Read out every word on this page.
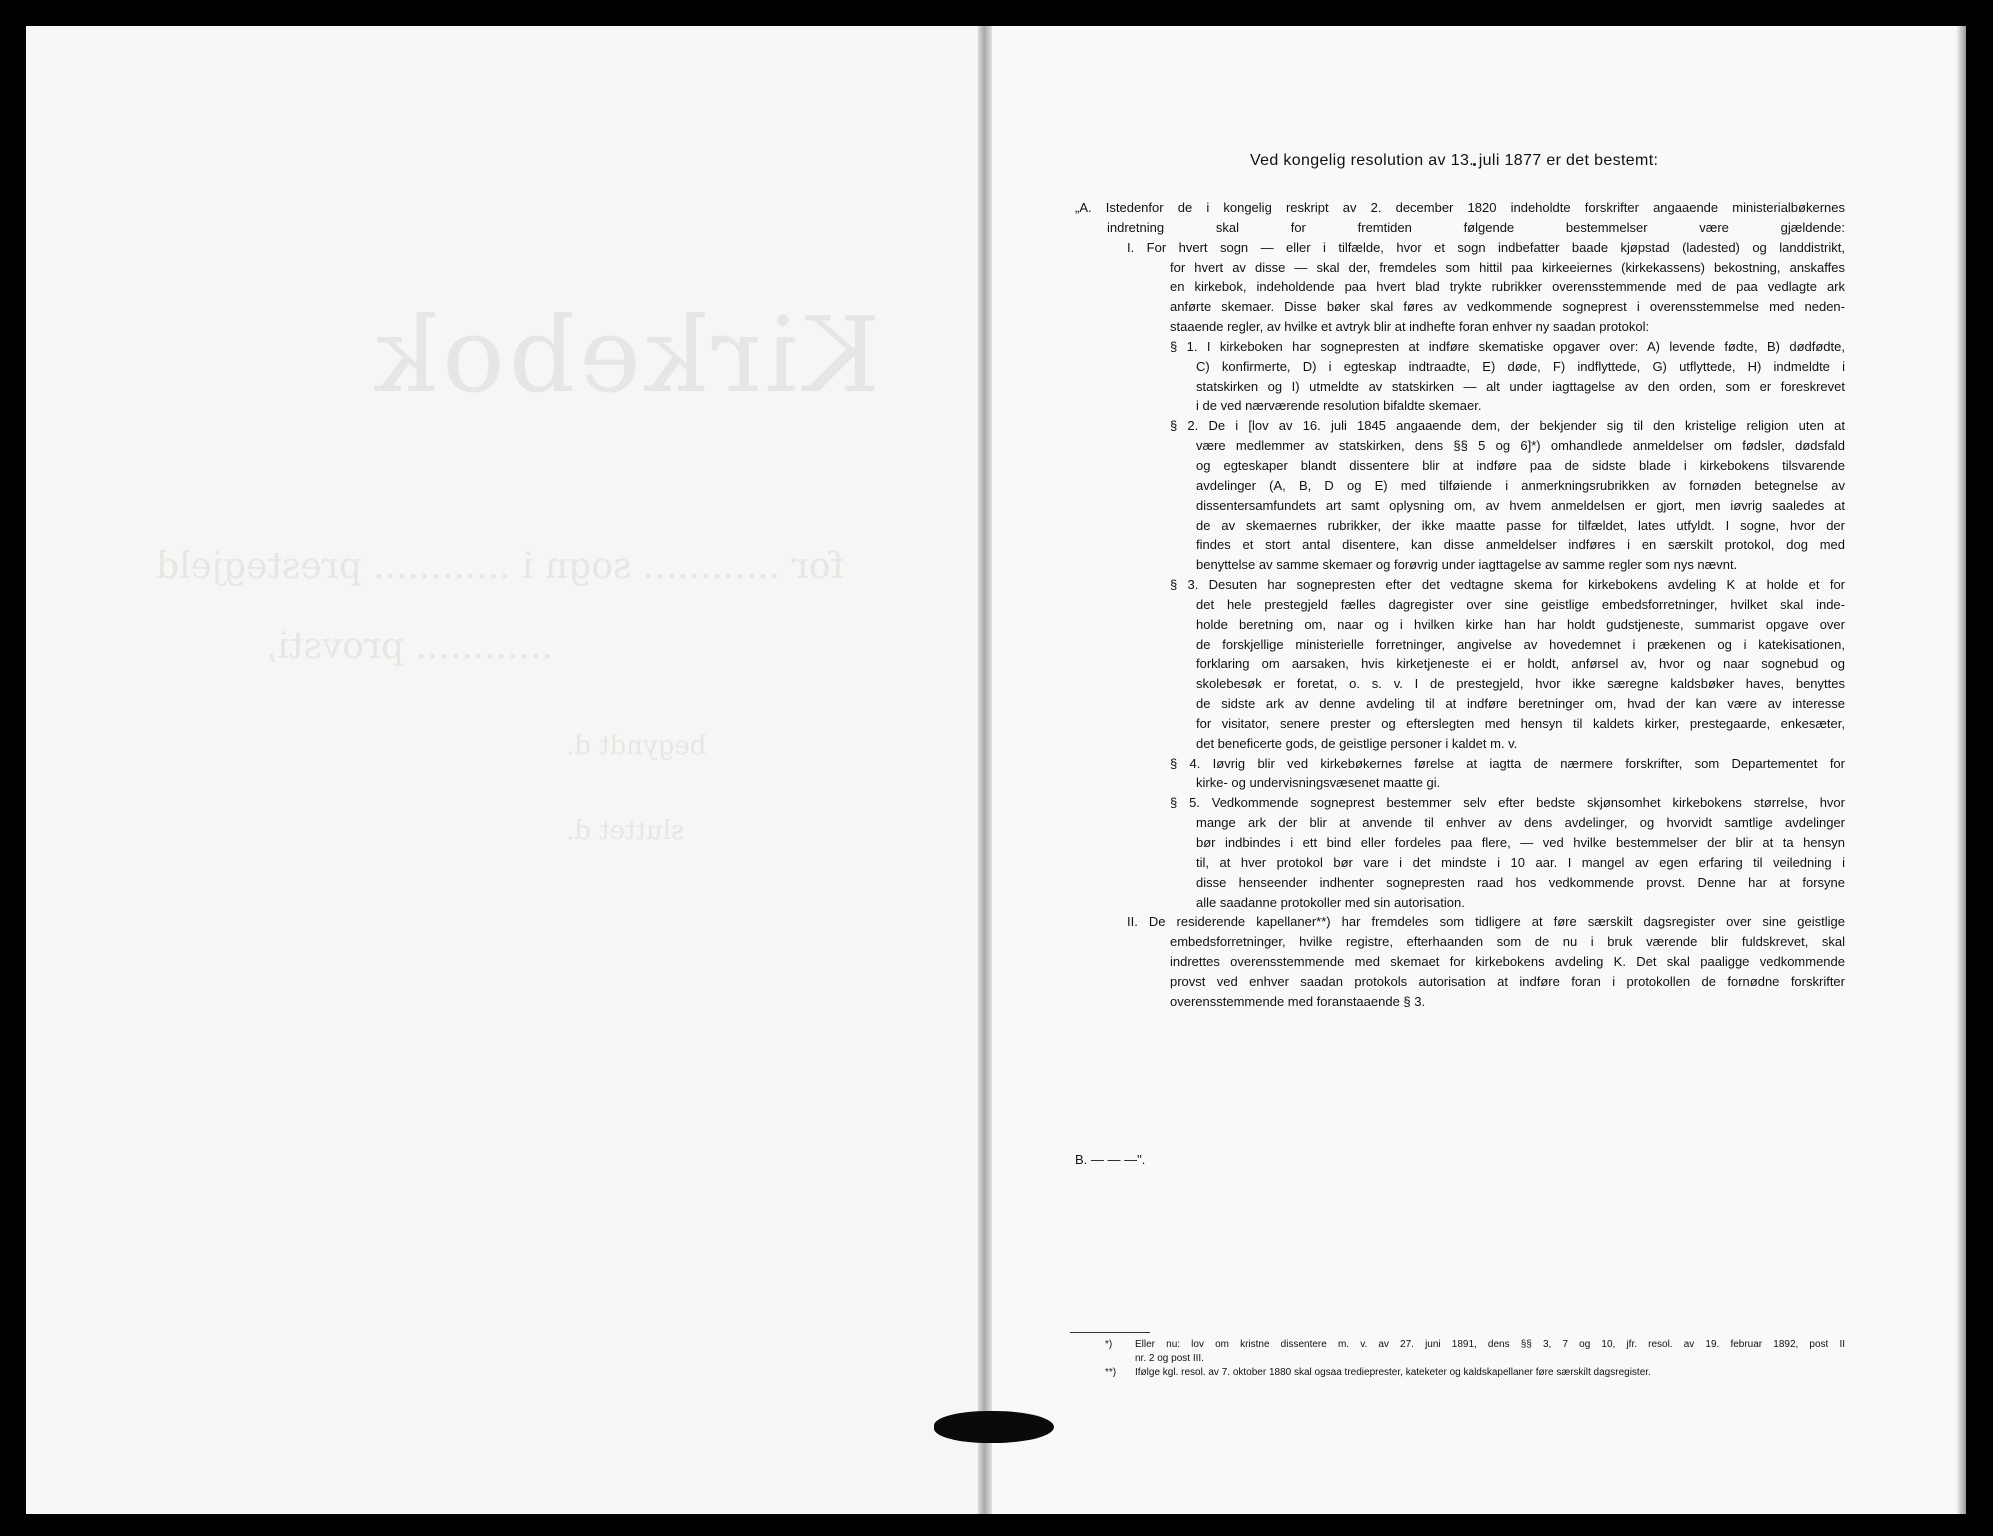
Kirkebok
for ............ sogn i ............ prestegjeld
............ provsti,
begyndt d.
sluttet d.
Ved kongelig resolution av 13. juli 1877 er det bestemt:
„A. Istedenfor de i kongelig reskript av 2. december 1820 indeholdte forskrifter angaaende ministerialbøkernes
indretning skal for fremtiden følgende bestemmelser være gjældende:
I. For hvert sogn — eller i tilfælde, hvor et sogn indbefatter baade kjøpstad (ladested) og landdistrikt,
for hvert av disse — skal der, fremdeles som hittil paa kirkeeiernes (kirkekassens) bekostning, anskaffes
en kirkebok, indeholdende paa hvert blad trykte rubrikker overensstemmende med de paa vedlagte ark
anførte skemaer. Disse bøker skal føres av vedkommende sogneprest i overensstemmelse med neden-
staaende regler, av hvilke et avtryk blir at indhefte foran enhver ny saadan protokol:
§ 1. I kirkeboken har sognepresten at indføre skematiske opgaver over: A) levende fødte, B) dødfødte,
C) konfirmerte, D) i egteskap indtraadte, E) døde, F) indflyttede, G) utflyttede, H) indmeldte i
statskirken og I) utmeldte av statskirken — alt under iagttagelse av den orden, som er foreskrevet
i de ved nærværende resolution bifaldte skemaer.
§ 2. De i [lov av 16. juli 1845 angaaende dem, der bekjender sig til den kristelige religion uten at
være medlemmer av statskirken, dens §§ 5 og 6]*) omhandlede anmeldelser om fødsler, dødsfald
og egteskaper blandt dissentere blir at indføre paa de sidste blade i kirkebokens tilsvarende
avdelinger (A, B, D og E) med tilføiende i anmerkningsrubrikken av fornøden betegnelse av
dissentersamfundets art samt oplysning om, av hvem anmeldelsen er gjort, men iøvrig saaledes at
de av skemaernes rubrikker, der ikke maatte passe for tilfældet, lates utfyldt. I sogne, hvor der
findes et stort antal disentere, kan disse anmeldelser indføres i en særskilt protokol, dog med
benyttelse av samme skemaer og forøvrig under iagttagelse av samme regler som nys nævnt.
§ 3. Desuten har sognepresten efter det vedtagne skema for kirkebokens avdeling K at holde et for
det hele prestegjeld fælles dagregister over sine geistlige embedsforretninger, hvilket skal inde-
holde beretning om, naar og i hvilken kirke han har holdt gudstjeneste, summarist opgave over
de forskjellige ministerielle forretninger, angivelse av hovedemnet i prækenen og i katekisationen,
forklaring om aarsaken, hvis kirketjeneste ei er holdt, anførsel av, hvor og naar sognebud og
skolebesøk er foretat, o. s. v. I de prestegjeld, hvor ikke særegne kaldsbøker haves, benyttes
de sidste ark av denne avdeling til at indføre beretninger om, hvad der kan være av interesse
for visitator, senere prester og efterslegten med hensyn til kaldets kirker, prestegaarde, enkesæter,
det beneficerte gods, de geistlige personer i kaldet m. v.
§ 4. Iøvrig blir ved kirkebøkernes førelse at iagtta de nærmere forskrifter, som Departementet for
kirke- og undervisningsvæsenet maatte gi.
§ 5. Vedkommende sogneprest bestemmer selv efter bedste skjønsomhet kirkebokens størrelse, hvor
mange ark der blir at anvende til enhver av dens avdelinger, og hvorvidt samtlige avdelinger
bør indbindes i ett bind eller fordeles paa flere, — ved hvilke bestemmelser der blir at ta hensyn
til, at hver protokol bør vare i det mindste i 10 aar. I mangel av egen erfaring til veiledning i
disse henseender indhenter sognepresten raad hos vedkommende provst. Denne har at forsyne
alle saadanne protokoller med sin autorisation.
II. De residerende kapellaner**) har fremdeles som tidligere at føre særskilt dagsregister over sine geistlige
embedsforretninger, hvilke registre, efterhaanden som de nu i bruk værende blir fuldskrevet, skal
indrettes overensstemmende med skemaet for kirkebokens avdeling K. Det skal paaligge vedkommende
provst ved enhver saadan protokols autorisation at indføre foran i protokollen de fornødne forskrifter
overensstemmende med foranstaaende § 3.
B. — — —".
*)	Eller nu: lov om kristne dissentere m. v. av 27. juni 1891, dens §§ 3, 7 og 10, jfr. resol. av 19. februar 1892, post II
nr. 2 og post III.
**)	Ifølge kgl. resol. av 7. oktober 1880 skal ogsaa tredieprester, kateketer og kaldskapellaner føre særskilt dagsregister.
